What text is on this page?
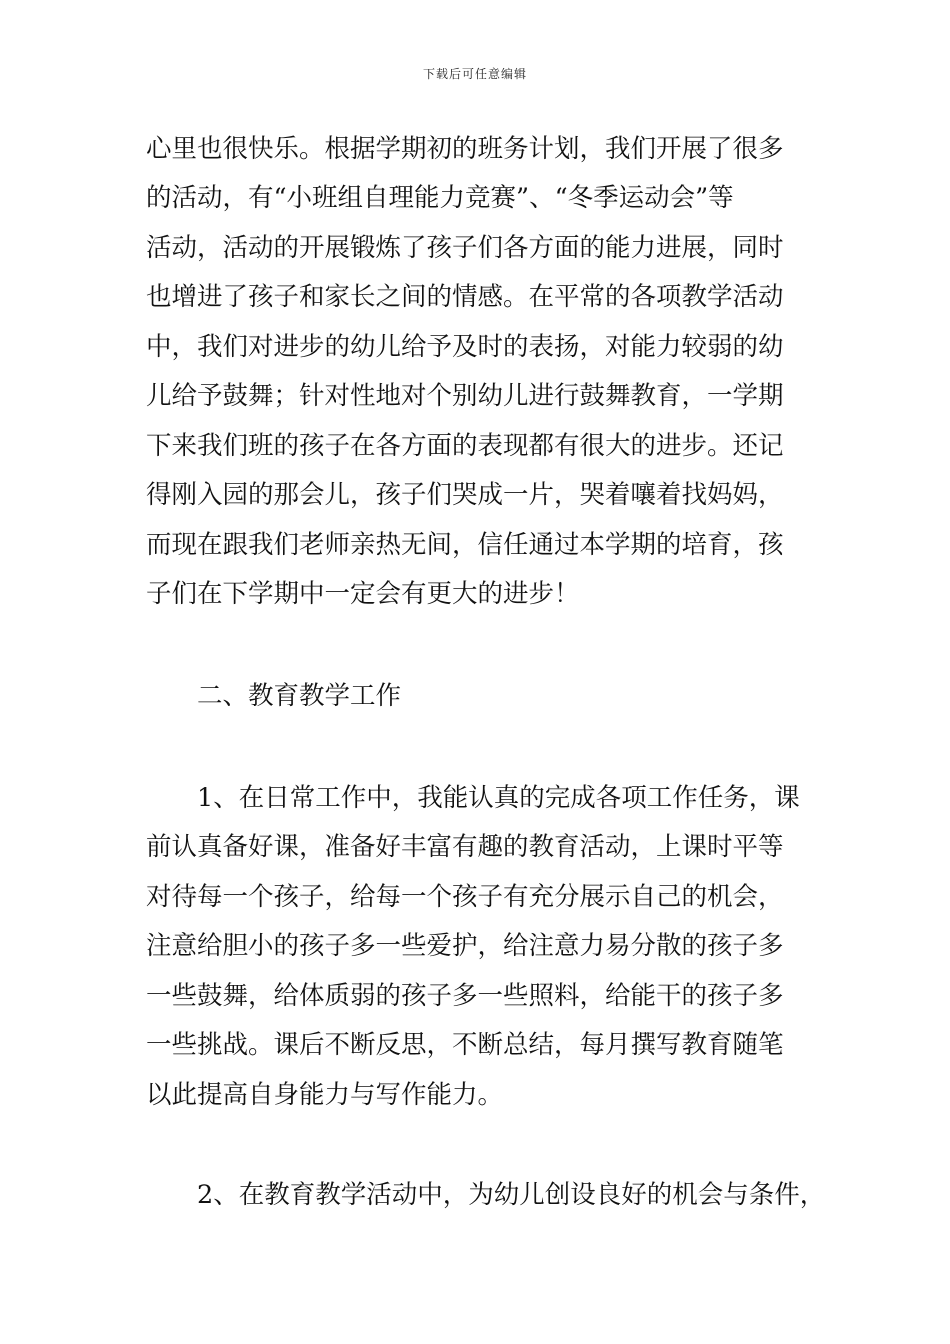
下载后可任意编辑
心里也很快乐。根据学期初的班务计划，我们开展了很多
的活动，有“小班组自理能力竞赛”、“冬季运动会”等
活动，活动的开展锻炼了孩子们各方面的能力进展，同时
也增进了孩子和家长之间的情感。在平常的各项教学活动
中，我们对进步的幼儿给予及时的表扬，对能力较弱的幼
儿给予鼓舞；针对性地对个别幼儿进行鼓舞教育，一学期
下来我们班的孩子在各方面的表现都有很大的进步。还记
得刚入园的那会儿，孩子们哭成一片，哭着嚷着找妈妈，
而现在跟我们老师亲热无间，信任通过本学期的培育，孩
子们在下学期中一定会有更大的进步！
二、教育教学工作
1、在日常工作中，我能认真的完成各项工作任务，课
前认真备好课，准备好丰富有趣的教育活动，上课时平等
对待每一个孩子，给每一个孩子有充分展示自己的机会，
注意给胆小的孩子多一些爱护，给注意力易分散的孩子多
一些鼓舞，给体质弱的孩子多一些照料，给能干的孩子多
一些挑战。课后不断反思，不断总结，每月撰写教育随笔
以此提高自身能力与写作能力。
2、在教育教学活动中，为幼儿创设良好的机会与条件，
